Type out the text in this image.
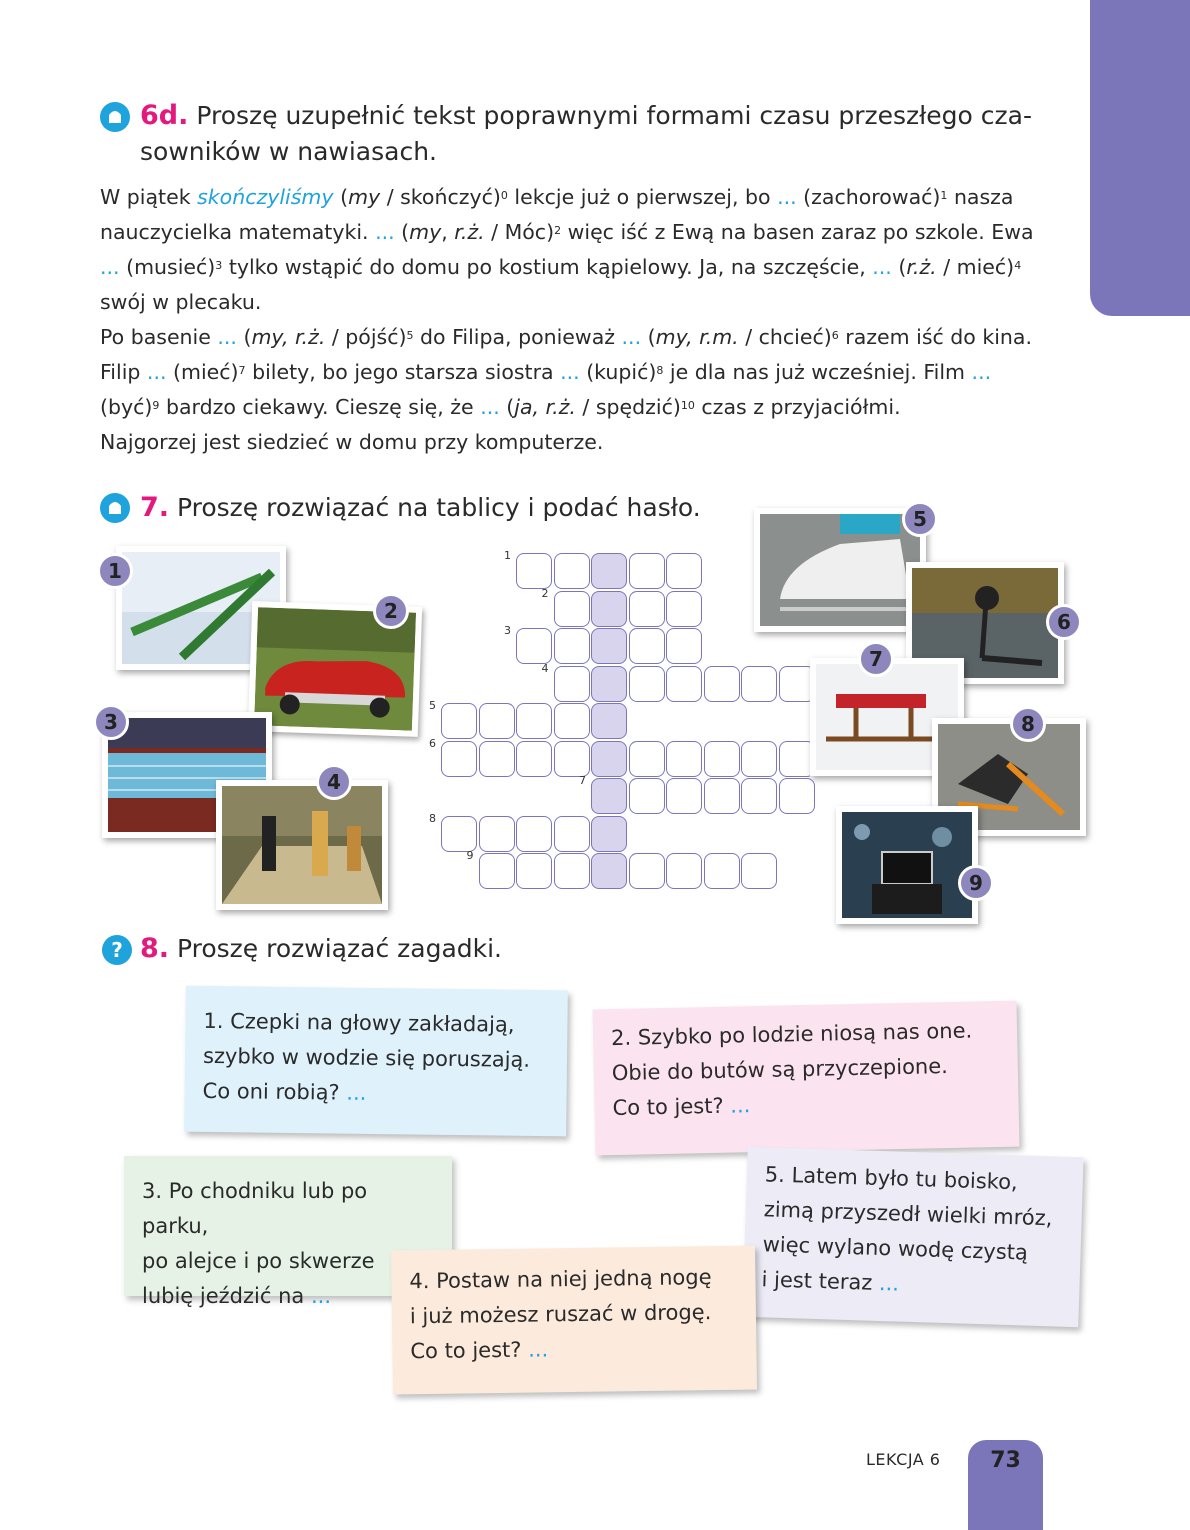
6d. Proszę uzupełnić tekst poprawnymi formami czasu przeszłego cza-
sowników w nawiasach.
W piątek skończyliśmy (my / skończyć)$^0$ lekcje już o pierwszej, bo ... (zachorować)$^1$ nasza nauczycielka matematyki. ... (my, r.ż. / Móc)$^2$ więc iść z Ewą na basen zaraz po szkole. Ewa ... (musieć)$^3$ tylko wstąpić do domu po kostium kąpielowy. Ja, na szczęście, ... (r.ż. / mieć)$^4$ swój w plecaku.
Po basenie ... (my, r.ż. / pójść)$^5$ do Filipa, ponieważ ... (my, r.m. / chcieć)$^6$ razem iść do kina. Filip ... (mieć)$^7$ bilety, bo jego starsza siostra ... (kupić)$^8$ je dla nas już wcześniej. Film ... (być)$^9$ bardzo ciekawy. Cieszę się, że ... (ja, r.ż. / spędzić)$^{10}$ czas z przyjaciółmi.
Najgorzej jest siedzieć w domu przy komputerze.
7. Proszę rozwiązać na tablicy i podać hasło.
1
2
3
4
5
6
7
8
9
1
2
3
4
5
6
7
8
9
? 8. Proszę rozwiązać zagadki.
1. Czepki na głowy zakładają,
szybko w wodzie się poruszają.
Co oni robią? ...
2. Szybko po lodzie niosą nas one.
Obie do butów są przyczepione.
Co to jest? ...
3. Po chodniku lub po parku,
po alejce i po skwerze
lubię jeździć na ...
5. Latem było tu boisko,
zimą przyszedł wielki mróz,
więc wylano wodę czystą
i jest teraz ...
4. Postaw na niej jedną nogę
i już możesz ruszać w drogę.
Co to jest? ...
LEKCJA 6	73
